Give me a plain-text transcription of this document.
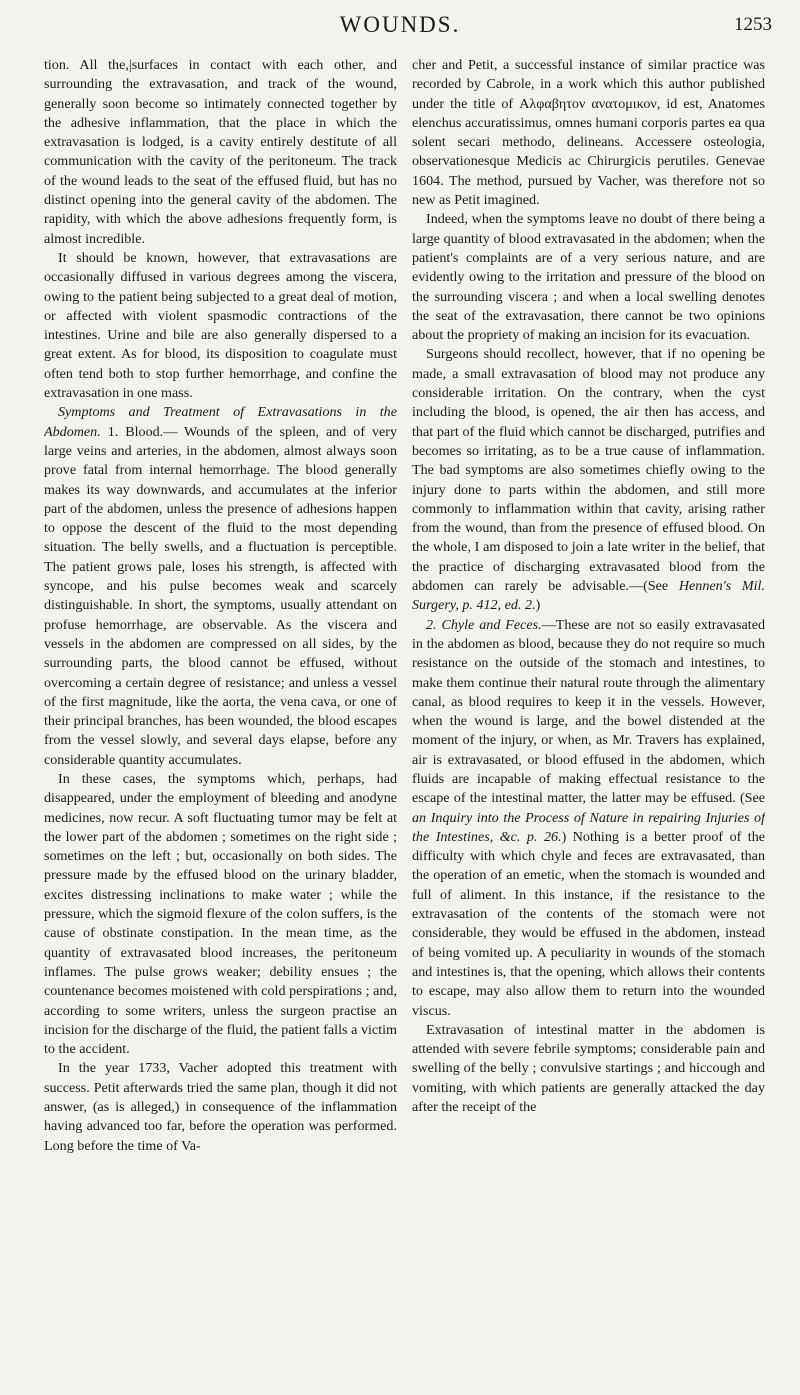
WOUNDS.	1253

tion. All the,|surfaces in contact with each other, and surrounding the extravasation, and track of the wound, generally soon become so intimately connected together by the adhesive inflammation, that the place in which the extravasation is lodged, is a cavity entirely destitute of all communication with the cavity of the peritoneum. The track of the wound leads to the seat of the effused fluid, but has no distinct opening into the general cavity of the abdomen. The rapidity, with which the above adhesions frequently form, is almost incredible.

It should be known, however, that extravasations are occasionally diffused in various degrees among the viscera, owing to the patient being subjected to a great deal of motion, or affected with violent spasmodic contractions of the intestines. Urine and bile are also generally dispersed to a great extent. As for blood, its disposition to coagulate must often tend both to stop further hemorrhage, and confine the extravasation in one mass.

Symptoms and Treatment of Extravasations in the Abdomen. 1. Blood.— Wounds of the spleen, and of very large veins and arteries, in the abdomen, almost always soon prove fatal from internal hemorrhage. The blood generally makes its way downwards, and accumulates at the inferior part of the abdomen, unless the presence of adhesions happen to oppose the descent of the fluid to the most depending situation. The belly swells, and a fluctuation is perceptible. The patient grows pale, loses his strength, is affected with syncope, and his pulse becomes weak and scarcely distinguishable. In short, the symptoms, usually attendant on profuse hemorrhage, are observable. As the viscera and vessels in the abdomen are compressed on all sides, by the surrounding parts, the blood cannot be effused, without overcoming a certain degree of resistance; and unless a vessel of the first magnitude, like the aorta, the vena cava, or one of their principal branches, has been wounded, the blood escapes from the vessel slowly, and several days elapse, before any considerable quantity accumulates.

In these cases, the symptoms which, perhaps, had disappeared, under the employment of bleeding and anodyne medicines, now recur. A soft fluctuating tumor may be felt at the lower part of the abdomen ; sometimes on the right side ; sometimes on the left ; but, occasionally on both sides. The pressure made by the effused blood on the urinary bladder, excites distressing inclinations to make water ; while the pressure, which the sigmoid flexure of the colon suffers, is the cause of obstinate constipation. In the mean time, as the quantity of extravasated blood increases, the peritoneum inflames. The pulse grows weaker; debility ensues ; the countenance becomes moistened with cold perspirations ; and, according to some writers, unless the surgeon practise an incision for the discharge of the fluid, the patient falls a victim to the accident.

In the year 1733, Vacher adopted this treatment with success. Petit afterwards tried the same plan, though it did not answer, (as is alleged,) in consequence of the inflammation having advanced too far, before the operation was performed. Long before the time of Va-

cher and Petit, a successful instance of similar practice was recorded by Cabrole, in a work which this author published under the title of Αλφαβητον ανατομικον, id est, Anatomes elenchus accuratissimus, omnes humani corporis partes ea qua solent secari methodo, delineans. Accessere osteologia, observationesque Medicis ac Chirurgicis perutiles. Genevae 1604. The method, pursued by Vacher, was therefore not so new as Petit imagined.

Indeed, when the symptoms leave no doubt of there being a large quantity of blood extravasated in the abdomen; when the patient's complaints are of a very serious nature, and are evidently owing to the irritation and pressure of the blood on the surrounding viscera ; and when a local swelling denotes the seat of the extravasation, there cannot be two opinions about the propriety of making an incision for its evacuation.

Surgeons should recollect, however, that if no opening be made, a small extravasation of blood may not produce any considerable irritation. On the contrary, when the cyst including the blood, is opened, the air then has access, and that part of the fluid which cannot be discharged, putrifies and becomes so irritating, as to be a true cause of inflammation. The bad symptoms are also sometimes chiefly owing to the injury done to parts within the abdomen, and still more commonly to inflammation within that cavity, arising rather from the wound, than from the presence of effused blood. On the whole, I am disposed to join a late writer in the belief, that the practice of discharging extravasated blood from the abdomen can rarely be advisable.—(See Hennen's Mil. Surgery, p. 412, ed. 2.)

2. Chyle and Feces.—These are not so easily extravasated in the abdomen as blood, because they do not require so much resistance on the outside of the stomach and intestines, to make them continue their natural route through the alimentary canal, as blood requires to keep it in the vessels. However, when the wound is large, and the bowel distended at the moment of the injury, or when, as Mr. Travers has explained, air is extravasated, or blood effused in the abdomen, which fluids are incapable of making effectual resistance to the escape of the intestinal matter, the latter may be effused. (See an Inquiry into the Process of Nature in repairing Injuries of the Intestines, &c. p. 26.) Nothing is a better proof of the difficulty with which chyle and feces are extravasated, than the operation of an emetic, when the stomach is wounded and full of aliment. In this instance, if the resistance to the extravasation of the contents of the stomach were not considerable, they would be effused in the abdomen, instead of being vomited up. A peculiarity in wounds of the stomach and intestines is, that the opening, which allows their contents to escape, may also allow them to return into the wounded viscus.

Extravasation of intestinal matter in the abdomen is attended with severe febrile symptoms; considerable pain and swelling of the belly ; convulsive startings ; and hiccough and vomiting, with which patients are generally attacked the day after the receipt of the
